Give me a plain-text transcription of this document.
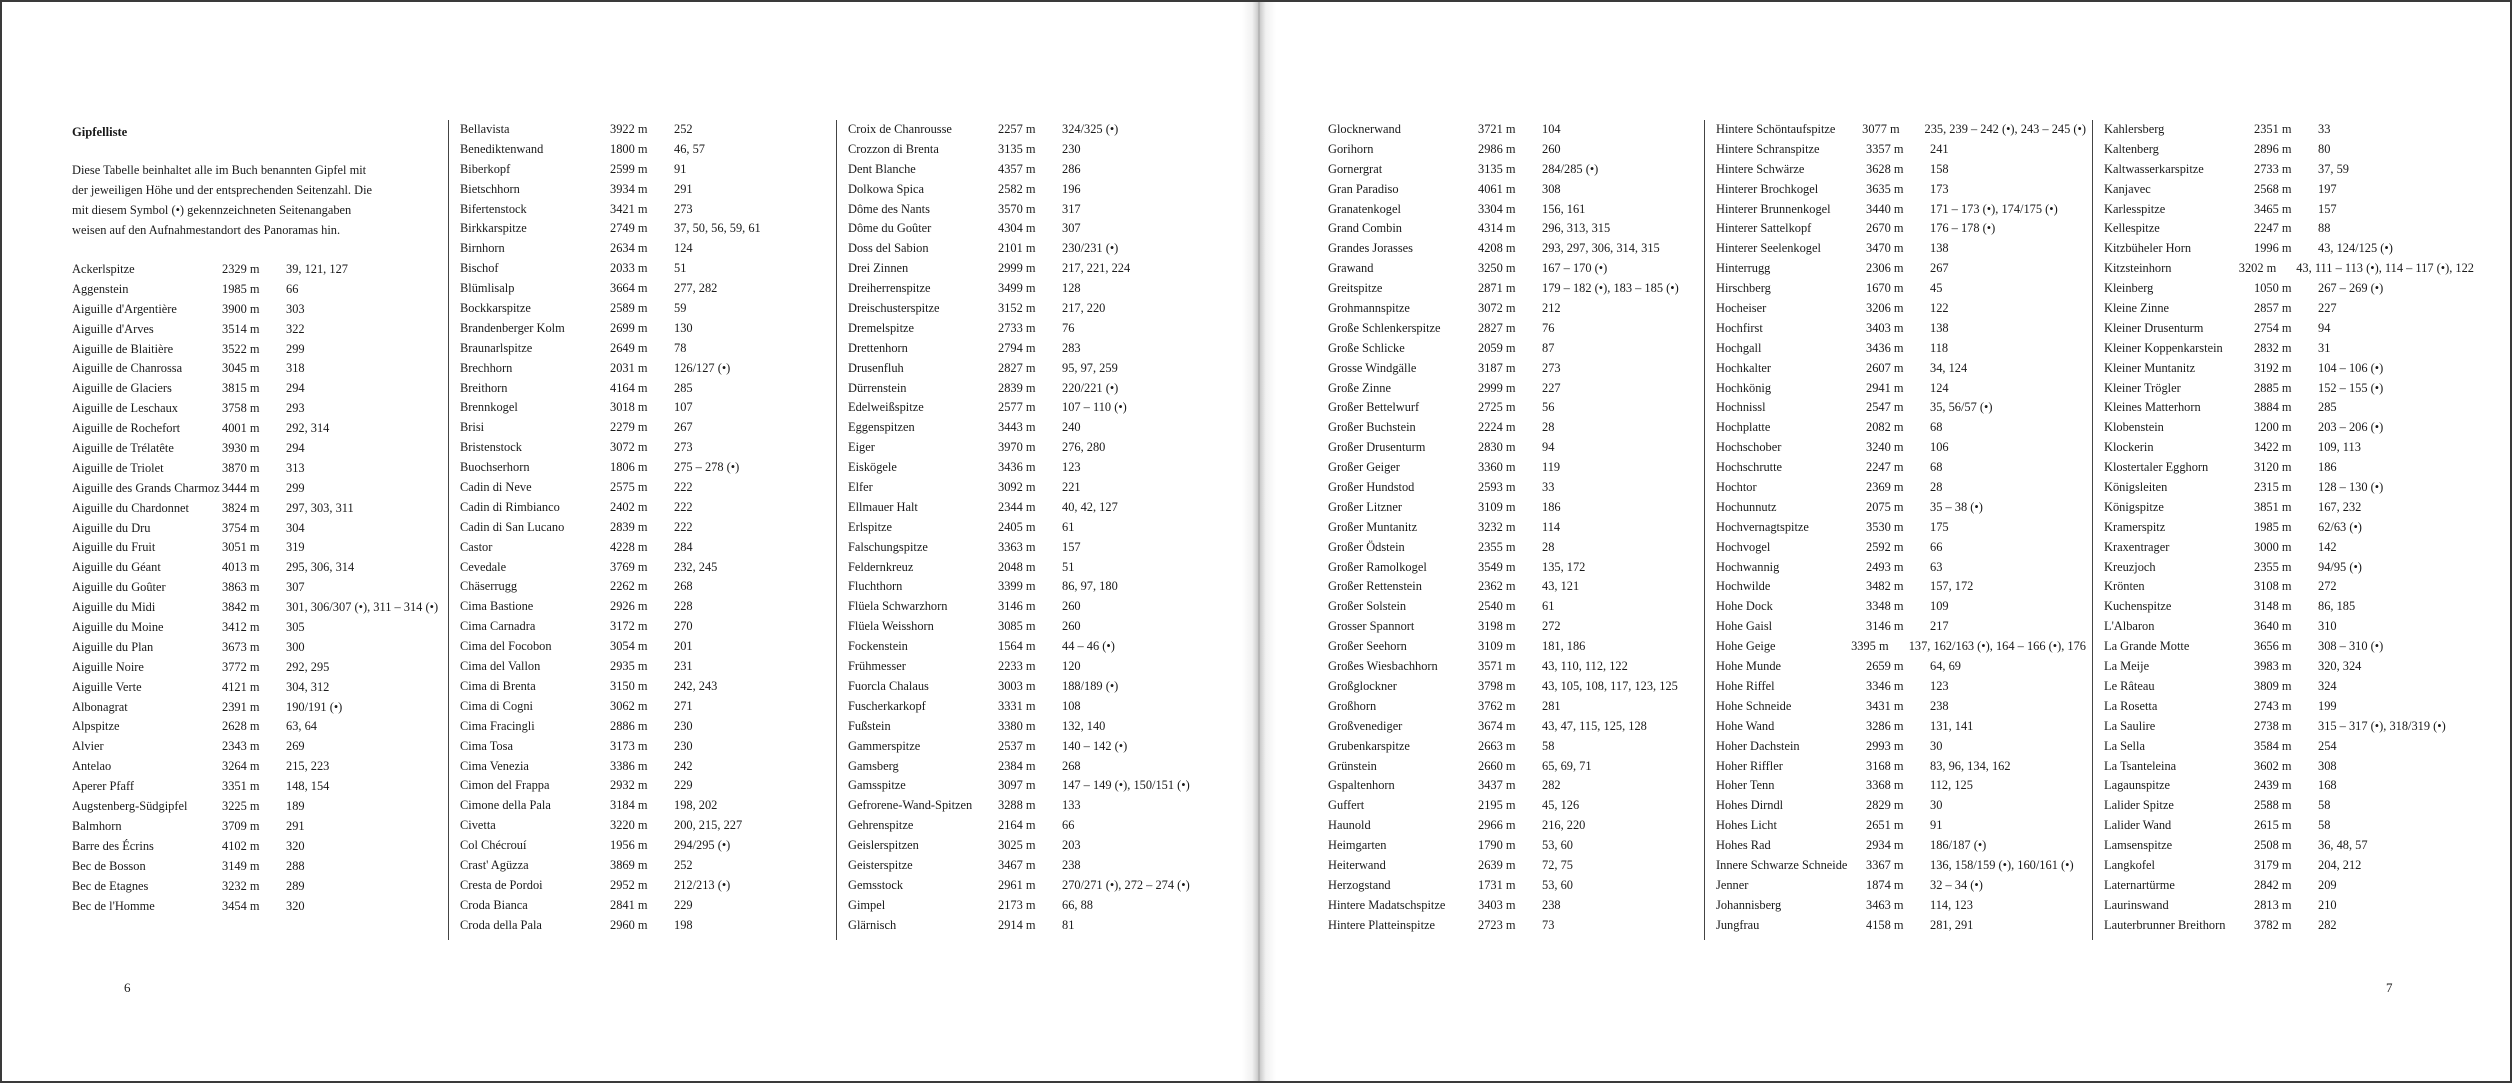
Gipfelliste
Diese Tabelle beinhaltet alle im Buch benannten Gipfel mit der jeweiligen Höhe und der entsprechenden Seitenzahl. Die mit diesem Symbol (•) gekennzeichneten Seitenangaben weisen auf den Aufnahmestandort des Panoramas hin.
Ackerlspitze	2329 m	39, 121, 127
Aggenstein	1985 m	66
Aiguille d'Argentière	3900 m	303
Aiguille d'Arves	3514 m	322
Aiguille de Blaitière	3522 m	299
Aiguille de Chanrossa	3045 m	318
Aiguille de Glaciers	3815 m	294
Aiguille de Leschaux	3758 m	293
Aiguille de Rochefort	4001 m	292, 314
Aiguille de Trélatête	3930 m	294
Aiguille de Triolet	3870 m	313
Aiguille des Grands Charmoz 3444 m	299
Aiguille du Chardonnet	3824 m	297, 303, 311
Aiguille du Dru	3754 m	304
Aiguille du Fruit	3051 m	319
Aiguille du Géant	4013 m	295, 306, 314
Aiguille du Goûter	3863 m	307
Aiguille du Midi	3842 m	301, 306/307 (•), 311 – 314 (•)
Aiguille du Moine	3412 m	305
Aiguille du Plan	3673 m	300
Aiguille Noire	3772 m	292, 295
Aiguille Verte	4121 m	304, 312
Albonagrat	2391 m	190/191 (•)
Alpspitze	2628 m	63, 64
Alvier	2343 m	269
Antelao	3264 m	215, 223
Aperer Pfaff	3351 m	148, 154
Augstenberg-Südgipfel	3225 m	189
Balmhorn	3709 m	291
Barre des Écrins	4102 m	320
Bec de Bosson	3149 m	288
Bec de Etagnes	3232 m	289
Bec de l'Homme	3454 m	320
Bellavista	3922 m	252
Benediktenwand	1800 m	46, 57
Biberkopf	2599 m	91
Bietschhorn	3934 m	291
Bifertenstock	3421 m	273
Birkkarspitze	2749 m	37, 50, 56, 59, 61
Birnhorn	2634 m	124
Bischof	2033 m	51
Blümlisalp	3664 m	277, 282
Bockkarspitze	2589 m	59
Brandenberger Kolm	2699 m	130
Braunarlspitze	2649 m	78
Brechhorn	2031 m	126/127 (•)
Breithorn	4164 m	285
Brennkogel	3018 m	107
Brisi	2279 m	267
Bristenstock	3072 m	273
Buochserhorn	1806 m	275 – 278 (•)
Cadin di Neve	2575 m	222
Cadin di Rimbianco	2402 m	222
Cadin di San Lucano	2839 m	222
Castor	4228 m	284
Cevedale	3769 m	232, 245
Chäserrugg	2262 m	268
Cima Bastione	2926 m	228
Cima Carnadra	3172 m	270
Cima del Focobon	3054 m	201
Cima del Vallon	2935 m	231
Cima di Brenta	3150 m	242, 243
Cima di Cogni	3062 m	271
Cima Fracingli	2886 m	230
Cima Tosa	3173 m	230
Cima Venezia	3386 m	242
Cimon del Frappa	2932 m	229
Cimone della Pala	3184 m	198, 202
Civetta	3220 m	200, 215, 227
Col Chécrouí	1956 m	294/295 (•)
Crast' Agüzza	3869 m	252
Cresta de Pordoi	2952 m	212/213 (•)
Croda Bianca	2841 m	229
Croda della Pala	2960 m	198
Croix de Chanrousse	2257 m	324/325 (•)
Crozzon di Brenta	3135 m	230
Dent Blanche	4357 m	286
Dolkowa Spica	2582 m	196
Dôme des Nants	3570 m	317
Dôme du Goûter	4304 m	307
Doss del Sabion	2101 m	230/231 (•)
Drei Zinnen	2999 m	217, 221, 224
Dreiherrenspitze	3499 m	128
Dreischusterspitze	3152 m	217, 220
Dremelspitze	2733 m	76
Drettenhorn	2794 m	283
Drusenfluh	2827 m	95, 97, 259
Dürrenstein	2839 m	220/221 (•)
Edelweißspitze	2577 m	107 – 110 (•)
Eggenspitzen	3443 m	240
Eiger	3970 m	276, 280
Eiskögele	3436 m	123
Elfer	3092 m	221
Ellmauer Halt	2344 m	40, 42, 127
Erlspitze	2405 m	61
Falschungspitze	3363 m	157
Feldernkreuz	2048 m	51
Fluchthorn	3399 m	86, 97, 180
Flüela Schwarzhorn	3146 m	260
Flüela Weisshorn	3085 m	260
Fockenstein	1564 m	44 – 46 (•)
Frühmesser	2233 m	120
Fuorcla Chalaus	3003 m	188/189 (•)
Fuscherkarkopf	3331 m	108
Fußstein	3380 m	132, 140
Gammerspitze	2537 m	140 – 142 (•)
Gamsberg	2384 m	268
Gamsspitze	3097 m	147 – 149 (•), 150/151 (•)
Gefrorene-Wand-Spitzen	3288 m	133
Gehrenspitze	2164 m	66
Geislerspitzen	3025 m	203
Geisterspitze	3467 m	238
Gemsstock	2961 m	270/271 (•), 272 – 274 (•)
Gimpel	2173 m	66, 88
Glärnisch	2914 m	81
6
Glocknerwand	3721 m	104
Gorihorn	2986 m	260
Gornergrat	3135 m	284/285 (•)
Gran Paradiso	4061 m	308
Granatenkogel	3304 m	156, 161
Grand Combin	4314 m	296, 313, 315
Grandes Jorasses	4208 m	293, 297, 306, 314, 315
Grawand	3250 m	167 – 170 (•)
Greitspitze	2871 m	179 – 182 (•), 183 – 185 (•)
Grohmannspitze	3072 m	212
Große Schlenkerspitze	2827 m	76
Große Schlicke	2059 m	87
Grosse Windgälle	3187 m	273
Große Zinne	2999 m	227
Großer Bettelwurf	2725 m	56
Großer Buchstein	2224 m	28
Großer Drusenturm	2830 m	94
Großer Geiger	3360 m	119
Großer Hundstod	2593 m	33
Großer Litzner	3109 m	186
Großer Muntanitz	3232 m	114
Großer Ödstein	2355 m	28
Großer Ramolkogel	3549 m	135, 172
Großer Rettenstein	2362 m	43, 121
Großer Solstein	2540 m	61
Grosser Spannort	3198 m	272
Großer Seehorn	3109 m	181, 186
Großes Wiesbachhorn	3571 m	43, 110, 112, 122
Großglockner	3798 m	43, 105, 108, 117, 123, 125
Großhorn	3762 m	281
Großvenediger	3674 m	43, 47, 115, 125, 128
Grubenkarspitze	2663 m	58
Grünstein	2660 m	65, 69, 71
Gspaltenhorn	3437 m	282
Guffert	2195 m	45, 126
Haunold	2966 m	216, 220
Heimgarten	1790 m	53, 60
Heiterwand	2639 m	72, 75
Herzogstand	1731 m	53, 60
Hintere Madatschspitze	3403 m	238
Hintere Platteinspitze	2723 m	73
Hintere Schöntaufspitze	3077 m	235, 239 – 242 (•), 243 – 245 (•)
Hintere Schranspitze	3357 m	241
Hintere Schwärze	3628 m	158
Hinterer Brochkogel	3635 m	173
Hinterer Brunnenkogel	3440 m	171 – 173 (•), 174/175 (•)
Hinterer Sattelkopf	2670 m	176 – 178 (•)
Hinterer Seelenkogel	3470 m	138
Hinterrugg	2306 m	267
Hirschberg	1670 m	45
Hocheiser	3206 m	122
Hochfirst	3403 m	138
Hochgall	3436 m	118
Hochkalter	2607 m	34, 124
Hochkönig	2941 m	124
Hochnissl	2547 m	35, 56/57 (•)
Hochplatte	2082 m	68
Hochschober	3240 m	106
Hochschrutte	2247 m	68
Hochtor	2369 m	28
Hochunnutz	2075 m	35 – 38 (•)
Hochvernagtspitze	3530 m	175
Hochvogel	2592 m	66
Hochwannig	2493 m	63
Hochwilde	3482 m	157, 172
Hohe Dock	3348 m	109
Hohe Gaisl	3146 m	217
Hohe Geige	3395 m	137, 162/163 (•), 164 – 166 (•), 176
Hohe Munde	2659 m	64, 69
Hohe Riffel	3346 m	123
Hohe Schneide	3431 m	238
Hohe Wand	3286 m	131, 141
Hoher Dachstein	2993 m	30
Hoher Riffler	3168 m	83, 96, 134, 162
Hoher Tenn	3368 m	112, 125
Hohes Dirndl	2829 m	30
Hohes Licht	2651 m	91
Hohes Rad	2934 m	186/187 (•)
Innere Schwarze Schneide	3367 m	136, 158/159 (•), 160/161 (•)
Jenner	1874 m	32 – 34 (•)
Johannisberg	3463 m	114, 123
Jungfrau	4158 m	281, 291
Kahlersberg	2351 m	33
Kaltenberg	2896 m	80
Kaltwasserkarspitze	2733 m	37, 59
Kanjavec	2568 m	197
Karlesspitze	3465 m	157
Kellespitze	2247 m	88
Kitzbüheler Horn	1996 m	43, 124/125 (•)
Kitzsteinhorn	3202 m	43, 111 – 113 (•), 114 – 117 (•), 122
Kleinberg	1050 m	267 – 269 (•)
Kleine Zinne	2857 m	227
Kleiner Drusenturm	2754 m	94
Kleiner Koppenkarstein	2832 m	31
Kleiner Muntanitz	3192 m	104 – 106 (•)
Kleiner Trögler	2885 m	152 – 155 (•)
Kleines Matterhorn	3884 m	285
Klobenstein	1200 m	203 – 206 (•)
Klockerin	3422 m	109, 113
Klostertaler Egghorn	3120 m	186
Königsleiten	2315 m	128 – 130 (•)
Königspitze	3851 m	167, 232
Kramerspitz	1985 m	62/63 (•)
Kraxentrager	3000 m	142
Kreuzjoch	2355 m	94/95 (•)
Krönten	3108 m	272
Kuchenspitze	3148 m	86, 185
L'Albaron	3640 m	310
La Grande Motte	3656 m	308 – 310 (•)
La Meije	3983 m	320, 324
Le Râteau	3809 m	324
La Rosetta	2743 m	199
La Saulire	2738 m	315 – 317 (•), 318/319 (•)
La Sella	3584 m	254
La Tsanteleina	3602 m	308
Lagaunspitze	2439 m	168
Lalider Spitze	2588 m	58
Lalider Wand	2615 m	58
Lamsenspitze	2508 m	36, 48, 57
Langkofel	3179 m	204, 212
Laternartürme	2842 m	209
Laurinswand	2813 m	210
Lauterbrunner Breithorn	3782 m	282
7
